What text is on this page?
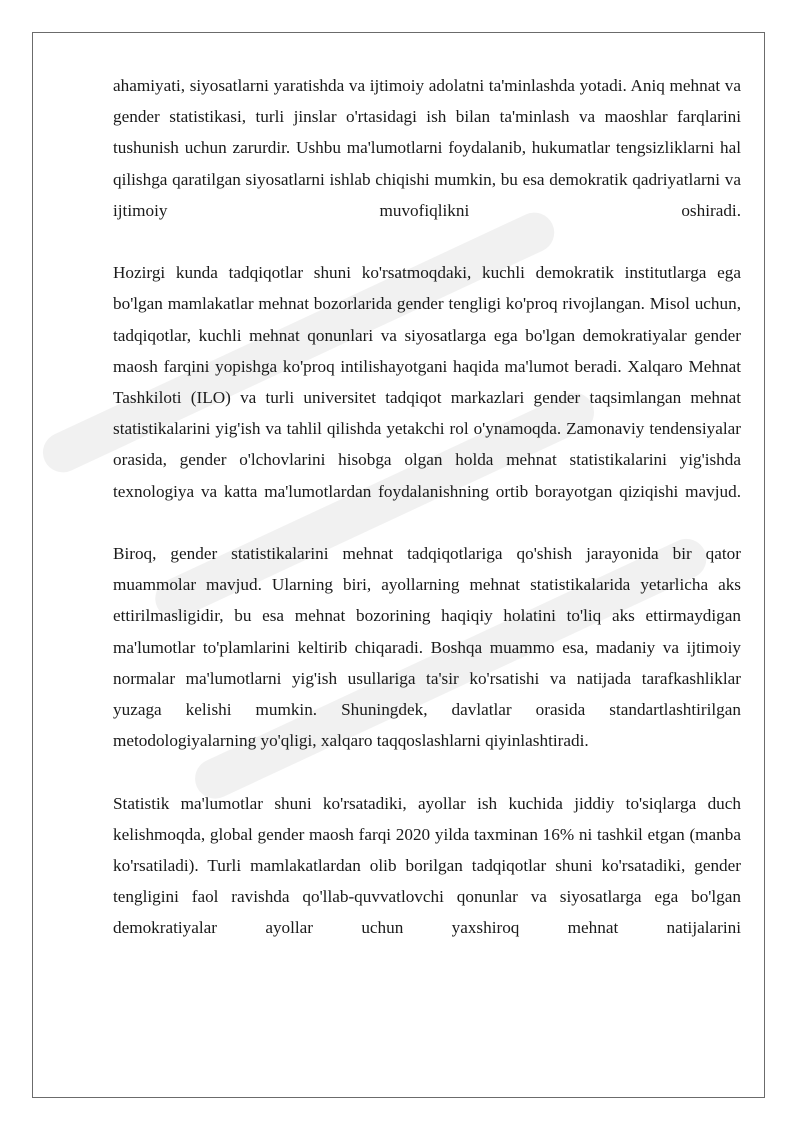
ahamiyati, siyosatlarni yaratishda va ijtimoiy adolatni ta'minlashda yotadi. Aniq mehnat va gender statistikasi, turli jinslar o'rtasidagi ish bilan ta'minlash va maoshlar farqlarini tushunish uchun zarurdir. Ushbu ma'lumotlarni foydalanib, hukumatlar tengsizliklarni hal qilishga qaratilgan siyosatlarni ishlab chiqishi mumkin, bu esa demokratik qadriyatlarni va ijtimoiy muvofiqlikni oshiradi.

Hozirgi kunda tadqiqotlar shuni ko'rsatmoqdaki, kuchli demokratik institutlarga ega bo'lgan mamlakatlar mehnat bozorlarida gender tengligi ko'proq rivojlangan. Misol uchun, tadqiqotlar, kuchli mehnat qonunlari va siyosatlarga ega bo'lgan demokratiyalar gender maosh farqini yopishga ko'proq intilishayotgani haqida ma'lumot beradi. Xalqaro Mehnat Tashkiloti (ILO) va turli universitet tadqiqot markazlari gender taqsimlangan mehnat statistikalarini yig'ish va tahlil qilishda yetakchi rol o'ynamoqda. Zamonaviy tendensiyalar orasida, gender o'lchovlarini hisobga olgan holda mehnat statistikalarini yig'ishda texnologiya va katta ma'lumotlardan foydalanishning ortib borayotgan qiziqishi mavjud.

Biroq, gender statistikalarini mehnat tadqiqotlariga qo'shish jarayonida bir qator muammolar mavjud. Ularning biri, ayollarning mehnat statistikalarida yetarlicha aks ettirilmasligidir, bu esa mehnat bozorining haqiqiy holatini to'liq aks ettirmaydigan ma'lumotlar to'plamlarini keltirib chiqaradi. Boshqa muammo esa, madaniy va ijtimoiy normalar ma'lumotlarni yig'ish usullariga ta'sir ko'rsatishi va natijada tarafkashliklar yuzaga kelishi mumkin. Shuningdek, davlatlar orasida standartlashtirilgan metodologiyalarning yo'qligi, xalqaro taqqoslashlarni qiyinlashtiradi.

Statistik ma'lumotlar shuni ko'rsatadiki, ayollar ish kuchida jiddiy to'siqlarga duch kelishmoqda, global gender maosh farqi 2020 yilda taxminan 16% ni tashkil etgan (manba ko'rsatiladi). Turli mamlakatlardan olib borilgan tadqiqotlar shuni ko'rsatadiki, gender tengligini faol ravishda qo'llab-quvvatlovchi qonunlar va siyosatlarga ega bo'lgan demokratiyalar ayollar uchun yaxshiroq mehnat natijalarini
